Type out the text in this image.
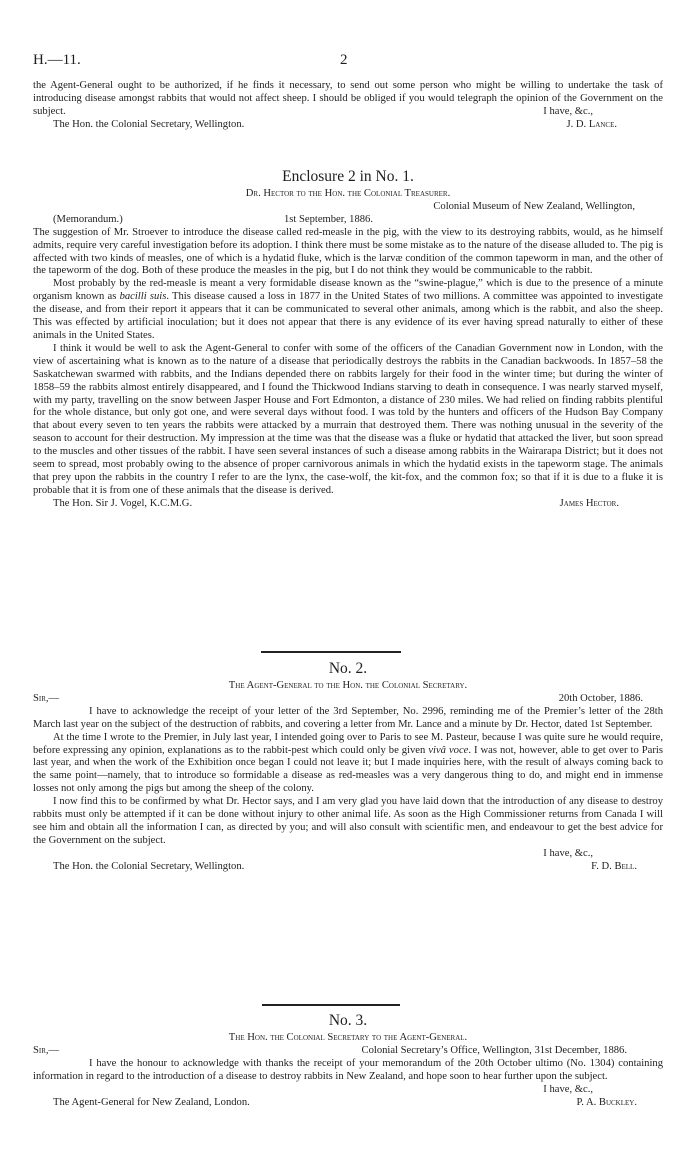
H.—11.	2

the Agent-General ought to be authorized, if he finds it necessary, to send out some person who might be willing to undertake the task of introducing disease amongst rabbits that would not affect sheep. I should be obliged if you would telegraph the opinion of the Government on the subject.	I have, &c.,
The Hon. the Colonial Secretary, Wellington.	J. D. Lance.
Enclosure 2 in No. 1.
Dr. Hector to the Hon. the Colonial Treasurer.
Colonial Museum of New Zealand, Wellington,
(Memorandum.)	1st September, 1886.

The suggestion of Mr. Stroever to introduce the disease called red-measle in the pig, with the view to its destroying rabbits, would, as he himself admits, require very careful investigation before its adoption. I think there must be some mistake as to the nature of the disease alluded to. The pig is affected with two kinds of measles, one of which is a hydatid fluke, which is the larvæ condition of the common tapeworm in man, and the other of the tapeworm of the dog. Both of these produce the measles in the pig, but I do not think they would be communicable to the rabbit.

Most probably by the red-measle is meant a very formidable disease known as the “swine-plague,” which is due to the presence of a minute organism known as bacilli suis. This disease caused a loss in 1877 in the United States of two millions. A committee was appointed to investigate the disease, and from their report it appears that it can be communicated to several other animals, among which is the rabbit, and also the sheep. This was effected by artificial inoculation; but it does not appear that there is any evidence of its ever having spread naturally to either of these animals in the United States.

I think it would be well to ask the Agent-General to confer with some of the officers of the Canadian Government now in London, with the view of ascertaining what is known as to the nature of a disease that periodically destroys the rabbits in the Canadian backwoods. In 1857–58 the Saskatchewan swarmed with rabbits, and the Indians depended there on rabbits largely for their food in the winter time; but during the winter of 1858–59 the rabbits almost entirely disappeared, and I found the Thickwood Indians starving to death in consequence. I was nearly starved myself, with my party, travelling on the snow between Jasper House and Fort Edmonton, a distance of 230 miles. We had relied on finding rabbits plentiful for the whole distance, but only got one, and were several days without food. I was told by the hunters and officers of the Hudson Bay Company that about every seven to ten years the rabbits were attacked by a murrain that destroyed them. There was nothing unusual in the severity of the season to account for their destruction. My impression at the time was that the disease was a fluke or hydatid that attacked the liver, but soon spread to the muscles and other tissues of the rabbit. I have seen several instances of such a disease among rabbits in the Wairarapa District; but it does not seem to spread, most probably owing to the absence of proper carnivorous animals in which the hydatid exists in the tapeworm stage. The animals that prey upon the rabbits in the country I refer to are the lynx, the case-wolf, the kit-fox, and the common fox; so that if it is due to a fluke it is probable that it is from one of these animals that the disease is derived.

The Hon. Sir J. Vogel, K.C.M.G.	James Hector.
No. 2.
The Agent-General to the Hon. the Colonial Secretary.
Sir,—	20th October, 1886.

I have to acknowledge the receipt of your letter of the 3rd September, No. 2996, reminding me of the Premier’s letter of the 28th March last year on the subject of the destruction of rabbits, and covering a letter from Mr. Lance and a minute by Dr. Hector, dated 1st September.

At the time I wrote to the Premier, in July last year, I intended going over to Paris to see M. Pasteur, because I was quite sure he would require, before expressing any opinion, explanations as to the rabbit-pest which could only be given vivâ voce. I was not, however, able to get over to Paris last year, and when the work of the Exhibition once began I could not leave it; but I made inquiries here, with the result of always coming back to the same point—namely, that to introduce so formidable a disease as red-measles was a very dangerous thing to do, and might end in immense losses not only among the pigs but among the sheep of the colony.

I now find this to be confirmed by what Dr. Hector says, and I am very glad you have laid down that the introduction of any disease to destroy rabbits must only be attempted if it can be done without injury to other animal life. As soon as the High Commissioner returns from Canada I will see him and obtain all the information I can, as directed by you; and will also consult with scientific men, and endeavour to get the best advice for the Government on the subject.

I have, &c.,
The Hon. the Colonial Secretary, Wellington.	F. D. Bell.
No. 3.
The Hon. the Colonial Secretary to the Agent-General.
Sir,—	Colonial Secretary’s Office, Wellington, 31st December, 1886.

I have the honour to acknowledge with thanks the receipt of your memorandum of the 20th October ultimo (No. 1304) containing information in regard to the introduction of a disease to destroy rabbits in New Zealand, and hope soon to hear further upon the subject.

I have, &c.,
The Agent-General for New Zealand, London.	P. A. Buckley.
